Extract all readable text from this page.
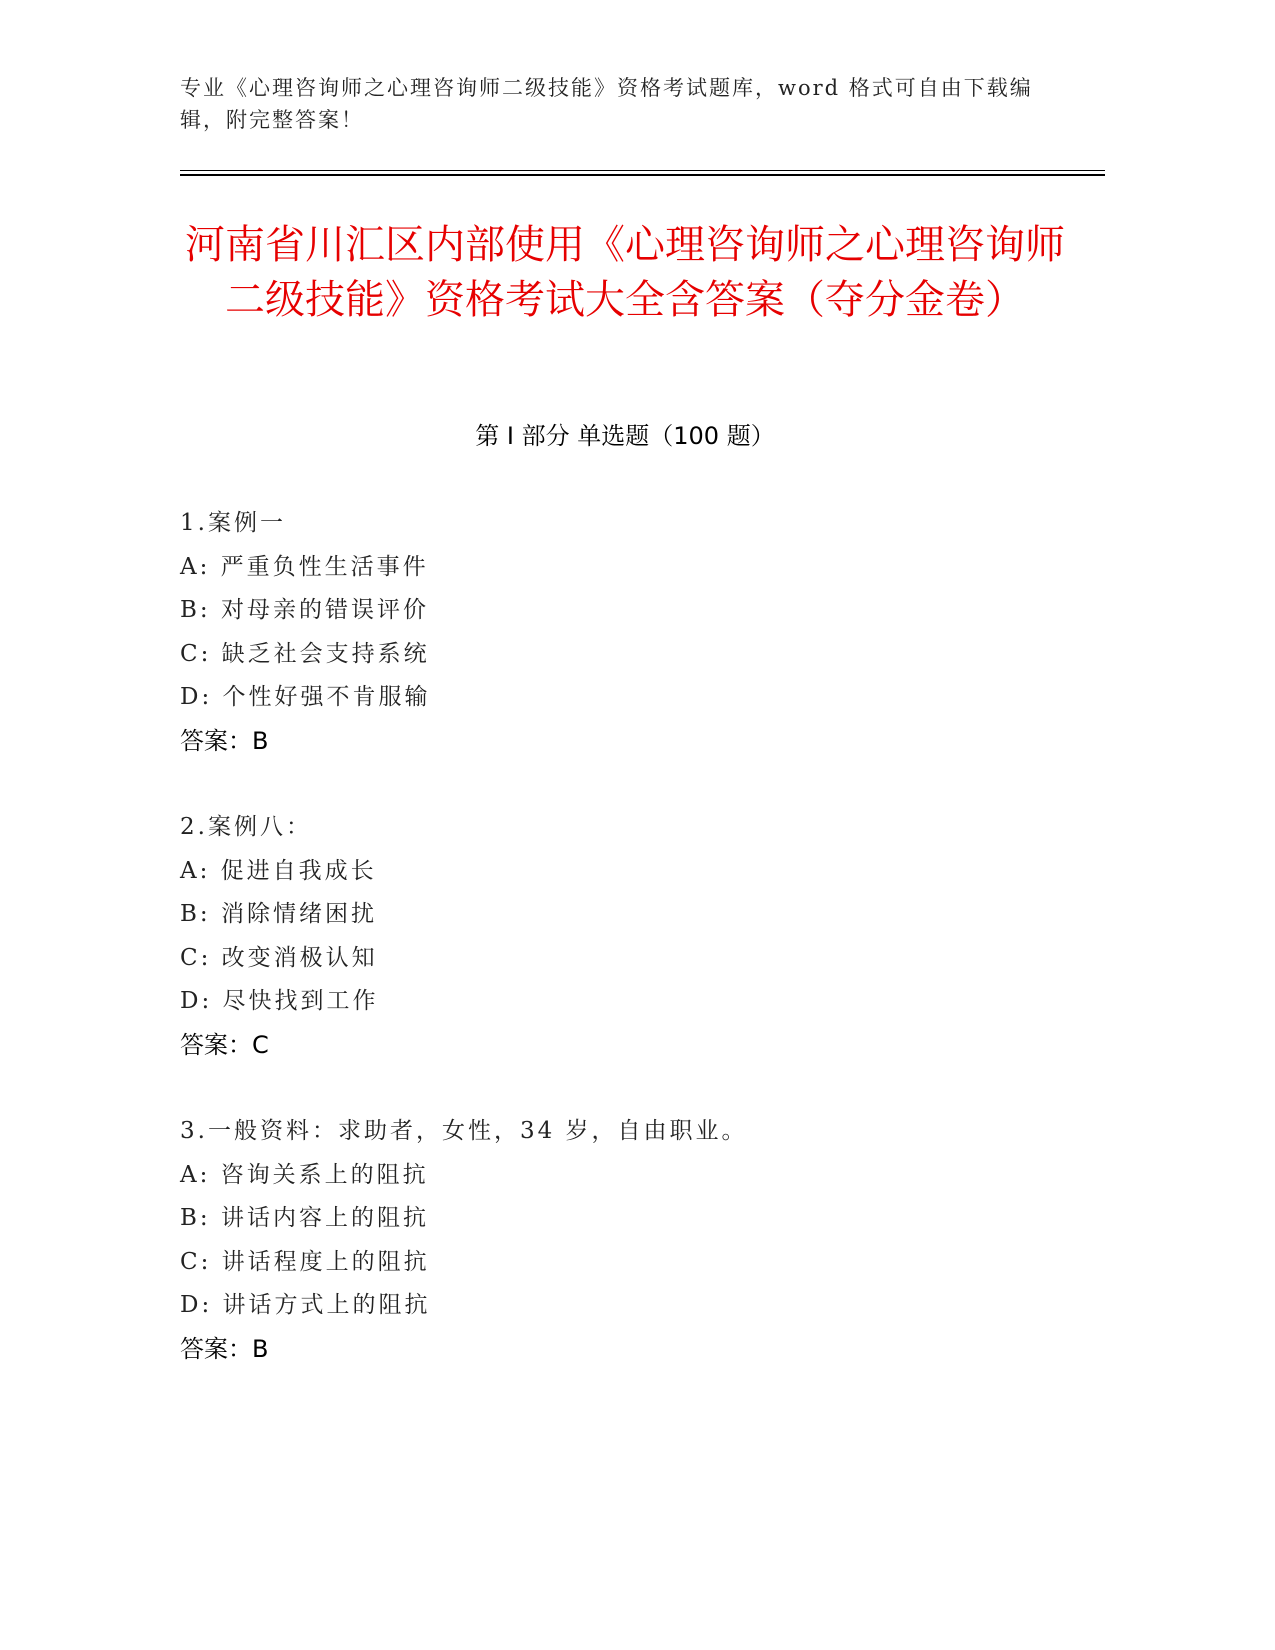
专业《心理咨询师之心理咨询师二级技能》资格考试题库，word 格式可自由下载编辑，附完整答案！
河南省川汇区内部使用《心理咨询师之心理咨询师二级技能》资格考试大全含答案（夺分金卷）
第 I 部分 单选题（100 题）
1.案例一
A: 严重负性生活事件
B: 对母亲的错误评价
C: 缺乏社会支持系统
D: 个性好强不肯服输
答案：B
2.案例八：
A: 促进自我成长
B: 消除情绪困扰
C: 改变消极认知
D: 尽快找到工作
答案：C
3.一般资料：求助者，女性，34 岁，自由职业。
A: 咨询关系上的阻抗
B: 讲话内容上的阻抗
C: 讲话程度上的阻抗
D: 讲话方式上的阻抗
答案：B
